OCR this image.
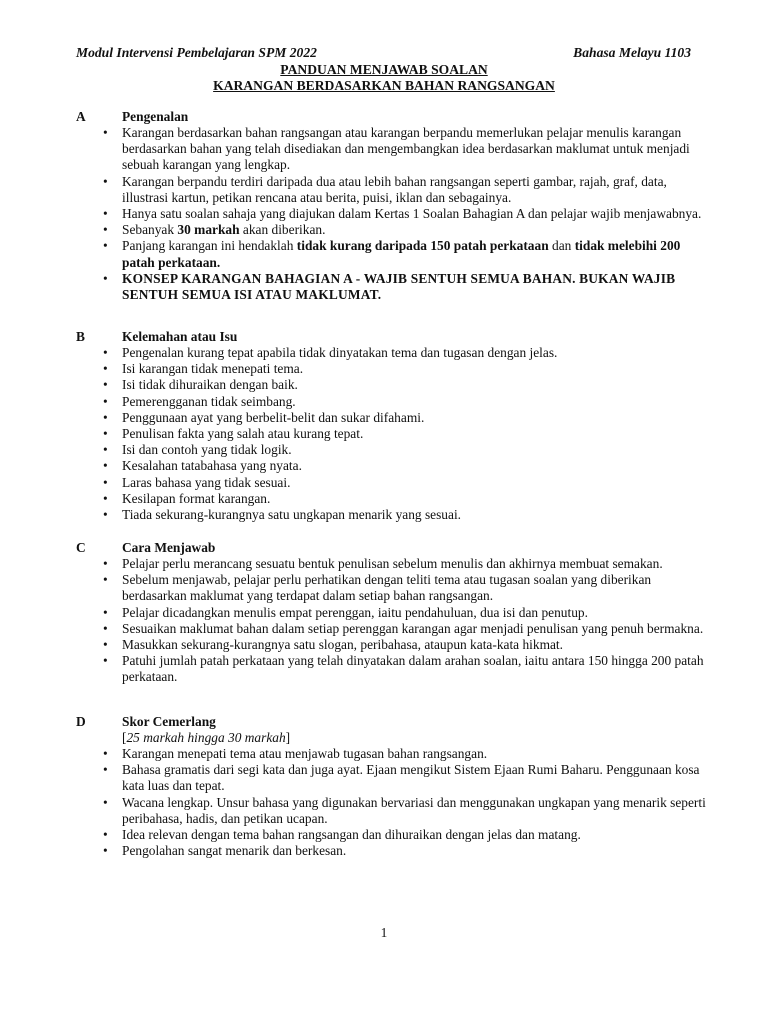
Modul Intervensi Pembelajaran SPM 2022	Bahasa Melayu 1103
PANDUAN MENJAWAB SOALAN
KARANGAN BERDASARKAN BAHAN RANGSANGAN
A	Pengenalan
• Karangan berdasarkan bahan rangsangan atau karangan berpandu memerlukan pelajar menulis karangan berdasarkan bahan yang telah disediakan dan mengembangkan idea berdasarkan maklumat untuk menjadi sebuah karangan yang lengkap.
• Karangan berpandu terdiri daripada dua atau lebih bahan rangsangan seperti gambar, rajah, graf, data, illustrasi kartun, petikan rencana atau berita, puisi, iklan dan sebagainya.
• Hanya satu soalan sahaja yang diajukan dalam Kertas 1 Soalan Bahagian A dan pelajar wajib menjawabnya.
• Sebanyak 30 markah akan diberikan.
• Panjang karangan ini hendaklah tidak kurang daripada 150 patah perkataan dan tidak melebihi 200 patah perkataan.
• KONSEP KARANGAN BAHAGIAN A - WAJIB SENTUH SEMUA BAHAN. BUKAN WAJIB SENTUH SEMUA ISI ATAU MAKLUMAT.
B	Kelemahan atau Isu
• Pengenalan kurang tepat apabila tidak dinyatakan tema dan tugasan dengan jelas.
• Isi karangan tidak menepati tema.
• Isi tidak dihuraikan dengan baik.
• Pemerengganan tidak seimbang.
• Penggunaan ayat yang berbelit-belit dan sukar difahami.
• Penulisan fakta yang salah atau kurang tepat.
• Isi dan contoh yang tidak logik.
• Kesalahan tatabahasa yang nyata.
• Laras bahasa yang tidak sesuai.
• Kesilapan format karangan.
• Tiada sekurang-kurangnya satu ungkapan menarik yang sesuai.
C	Cara Menjawab
• Pelajar perlu merancang sesuatu bentuk penulisan sebelum menulis dan akhirnya membuat semakan.
• Sebelum menjawab, pelajar perlu perhatikan dengan teliti tema atau tugasan soalan yang diberikan berdasarkan maklumat yang terdapat dalam setiap bahan rangsangan.
• Pelajar dicadangkan menulis empat perenggan, iaitu pendahuluan, dua isi dan penutup.
• Sesuaikan maklumat bahan dalam setiap perenggan karangan agar menjadi penulisan yang penuh bermakna.
• Masukkan sekurang-kurangnya satu slogan, peribahasa, ataupun kata-kata hikmat.
• Patuhi jumlah patah perkataan yang telah dinyatakan dalam arahan soalan, iaitu antara 150 hingga 200 patah perkataan.
D	Skor Cemerlang
[25 markah hingga 30 markah]
• Karangan menepati tema atau menjawab tugasan bahan rangsangan.
• Bahasa gramatis dari segi kata dan juga ayat. Ejaan mengikut Sistem Ejaan Rumi Baharu. Penggunaan kosa kata luas dan tepat.
• Wacana lengkap. Unsur bahasa yang digunakan bervariasi dan menggunakan ungkapan yang menarik seperti peribahasa, hadis, dan petikan ucapan.
• Idea relevan dengan tema bahan rangsangan dan dihuraikan dengan jelas dan matang.
• Pengolahan sangat menarik dan berkesan.
1
